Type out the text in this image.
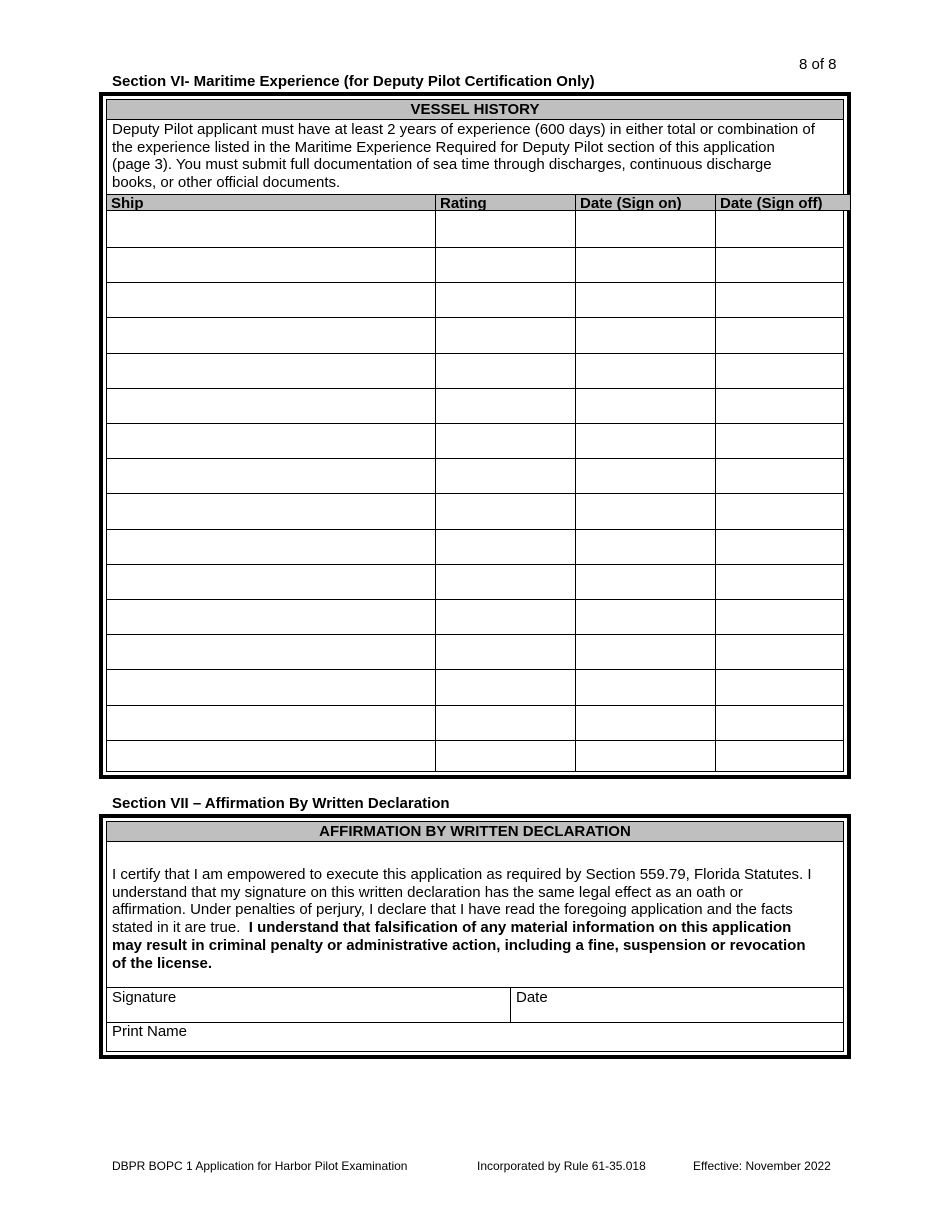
8 of 8
Section VI- Maritime Experience (for Deputy Pilot Certification Only)
VESSEL HISTORY
Deputy Pilot applicant must have at least 2 years of experience (600 days) in either total or combination of
the experience listed in the Maritime Experience Required for Deputy Pilot section of this application
(page 3). You must submit full documentation of sea time through discharges, continuous discharge
books, or other official documents.
Ship	Rating	Date (Sign on)	Date (Sign off)
Section VII – Affirmation By Written Declaration
AFFIRMATION BY WRITTEN DECLARATION
I certify that I am empowered to execute this application as required by Section 559.79, Florida Statutes. I
understand that my signature on this written declaration has the same legal effect as an oath or
affirmation. Under penalties of perjury, I declare that I have read the foregoing application and the facts
stated in it are true.  I understand that falsification of any material information on this application
may result in criminal penalty or administrative action, including a fine, suspension or revocation
of the license.
Signature	Date
Print Name
DBPR BOPC 1 Application for Harbor Pilot Examination	Incorporated by Rule 61-35.018	Effective: November 2022
